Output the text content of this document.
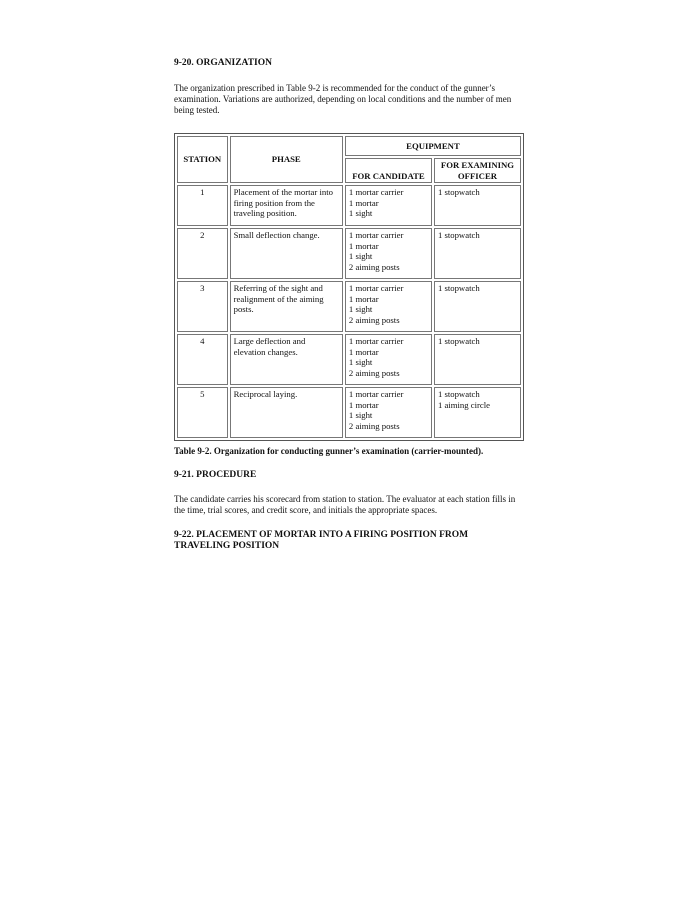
9-20. ORGANIZATION

The organization prescribed in Table 9-2 is recommended for the conduct of the gunner’s examination. Variations are authorized, depending on local conditions and the number of men being tested.

STATION	PHASE	EQUIPMENT	
		FOR CANDIDATE	FOR EXAMINING OFFICER
1	Placement of the mortar into firing position from the traveling position.	1 mortar carrier
1 mortar
1 sight	1 stopwatch

2	Small deflection change.	1 mortar carrier
1 mortar
1 sight
2 aiming posts	1 stopwatch

3	Referring of the sight and realignment of the aiming posts.	1 mortar carrier
1 mortar
1 sight
2 aiming posts	1 stopwatch

4	Large deflection and elevation changes.	1 mortar carrier
1 mortar
1 sight
2 aiming posts	1 stopwatch

5	Reciprocal laying.	1 mortar carrier
1 mortar
1 sight
2 aiming posts	1 stopwatch
1 aiming circle

Table 9-2. Organization for conducting gunner’s examination (carrier-mounted).

9-21. PROCEDURE

The candidate carries his scorecard from station to station. The evaluator at each station fills in the time, trial scores, and credit score, and initials the appropriate spaces.

9-22. PLACEMENT OF MORTAR INTO A FIRING POSITION FROM TRAVELING POSITION
